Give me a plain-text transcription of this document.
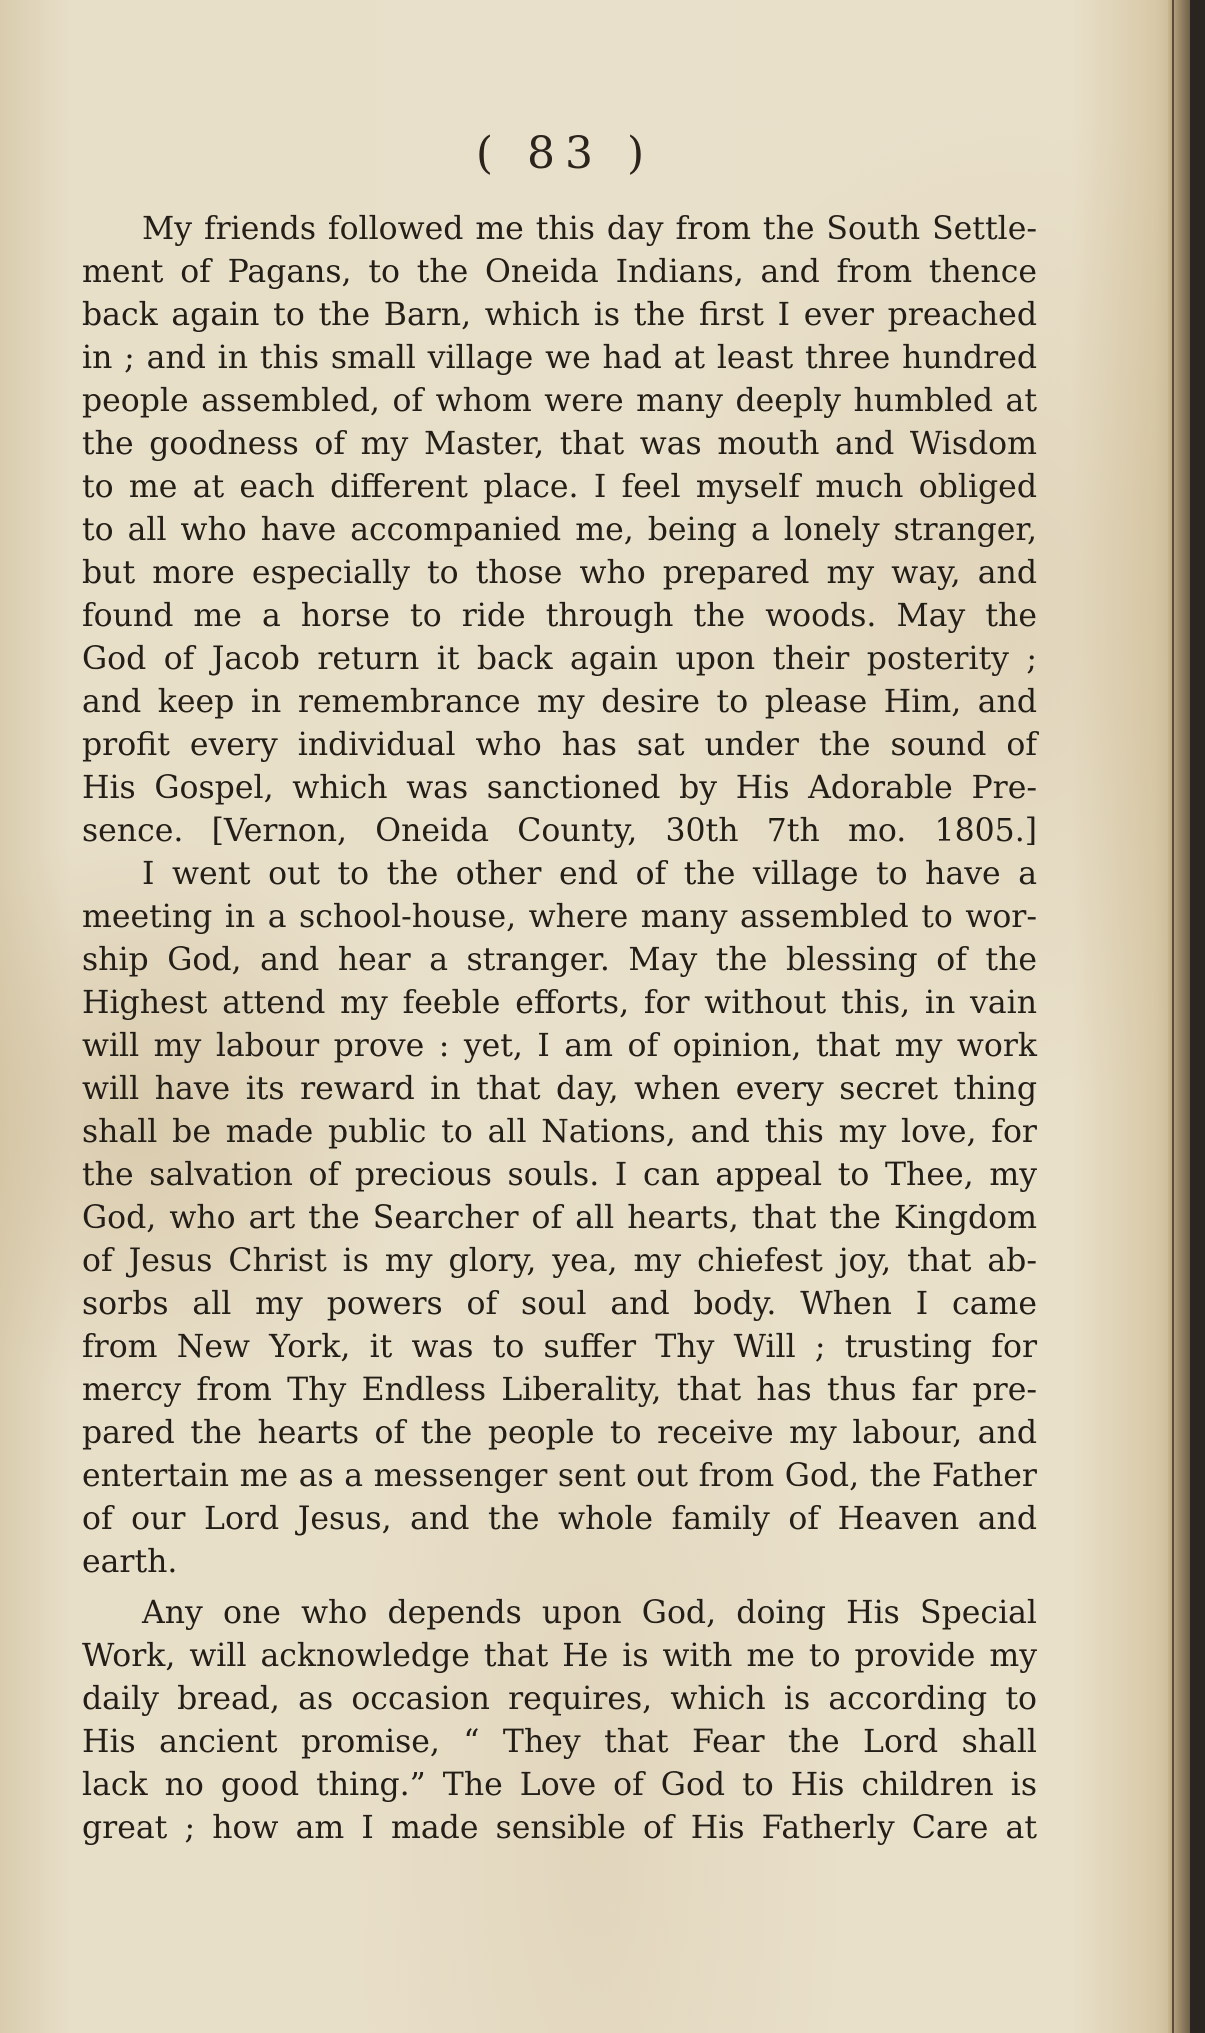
( 83 )
My friends followed me this day from the South Settle-
ment of Pagans, to the Oneida Indians, and from thence
back again to the Barn, which is the first I ever preached
in ; and in this small village we had at least three hundred
people assembled, of whom were many deeply humbled at
the goodness of my Master, that was mouth and Wisdom
to me at each different place. I feel myself much obliged
to all who have accompanied me, being a lonely stranger,
but more especially to those who prepared my way, and
found me a horse to ride through the woods. May the
God of Jacob return it back again upon their posterity ;
and keep in remembrance my desire to please Him, and
profit every individual who has sat under the sound of
His Gospel, which was sanctioned by His Adorable Pre-
sence. [Vernon, Oneida County, 30th 7th mo. 1805.]
I went out to the other end of the village to have a
meeting in a school-house, where many assembled to wor-
ship God, and hear a stranger. May the blessing of the
Highest attend my feeble efforts, for without this, in vain
will my labour prove : yet, I am of opinion, that my work
will have its reward in that day, when every secret thing
shall be made public to all Nations, and this my love, for
the salvation of precious souls. I can appeal to Thee, my
God, who art the Searcher of all hearts, that the Kingdom
of Jesus Christ is my glory, yea, my chiefest joy, that ab-
sorbs all my powers of soul and body. When I came
from New York, it was to suffer Thy Will ; trusting for
mercy from Thy Endless Liberality, that has thus far pre-
pared the hearts of the people to receive my labour, and
entertain me as a messenger sent out from God, the Father
of our Lord Jesus, and the whole family of Heaven and
earth.
Any one who depends upon God, doing His Special
Work, will acknowledge that He is with me to provide my
daily bread, as occasion requires, which is according to
His ancient promise, “ They that Fear the Lord shall
lack no good thing.” The Love of God to His children is
great ; how am I made sensible of His Fatherly Care at
